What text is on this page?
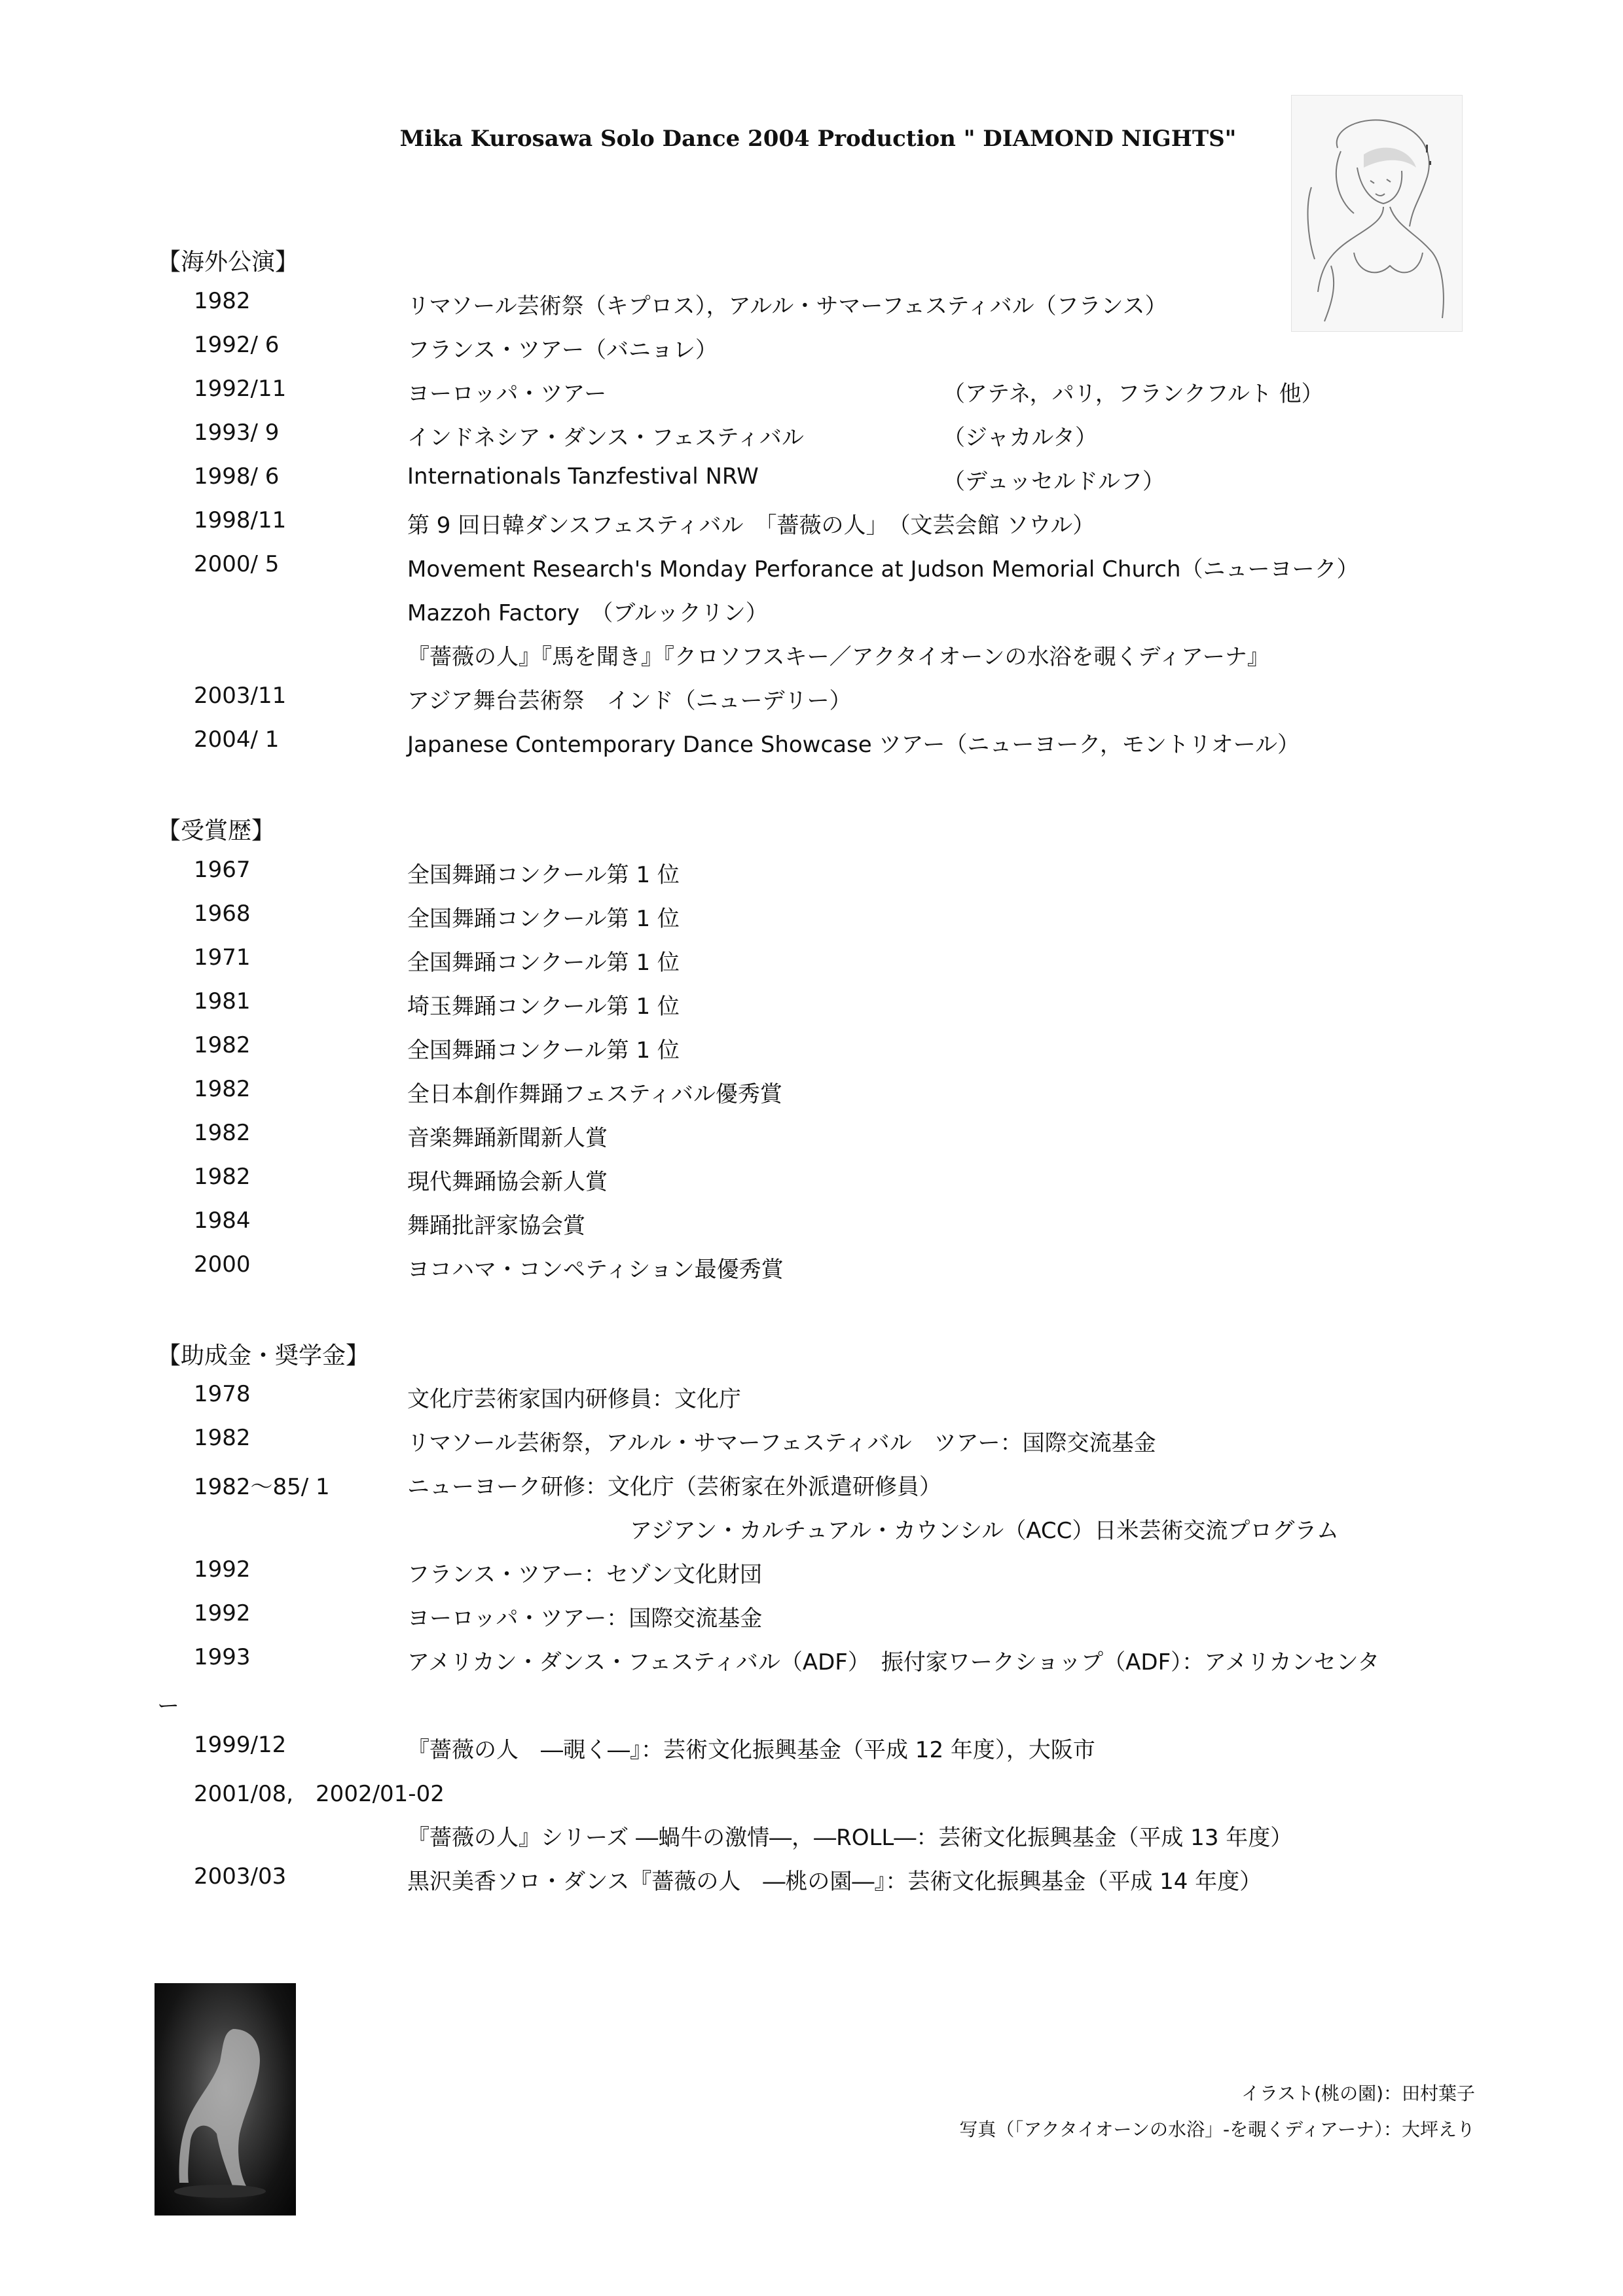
Mika Kurosawa Solo Dance 2004 Production " DIAMOND NIGHTS"
【海外公演】
1982	リマソール芸術祭（キプロス），アルル・サマーフェスティバル（フランス）
1992/ 6	フランス・ツアー（バニョレ）
1992/11	ヨーロッパ・ツアー	（アテネ，パリ，フランクフルト 他）
1993/ 9	インドネシア・ダンス・フェスティバル	（ジャカルタ）
1998/ 6	Internationals Tanzfestival NRW	（デュッセルドルフ）
1998/11	第 9 回日韓ダンスフェスティバル　「薔薇の人」　（文芸会館 ソウル）
2000/ 5	Movement Research's Monday Perforance at Judson Memorial Church（ニューヨーク）
Mazzoh Factory　（ブルックリン）
『薔薇の人』『馬を聞き』『クロソフスキー／アクタイオーンの水浴を覗くディアーナ』
2003/11	アジア舞台芸術祭　インド（ニューデリー）
2004/ 1	Japanese Contemporary Dance Showcase ツアー（ニューヨーク，モントリオール）
【受賞歴】
1967	全国舞踊コンクール第 1 位
1968	全国舞踊コンクール第 1 位
1971	全国舞踊コンクール第 1 位
1981	埼玉舞踊コンクール第 1 位
1982	全国舞踊コンクール第 1 位
1982	全日本創作舞踊フェスティバル優秀賞
1982	音楽舞踊新聞新人賞
1982	現代舞踊協会新人賞
1984	舞踊批評家協会賞
2000	ヨコハマ・コンペティション最優秀賞
【助成金・奨学金】
1978	文化庁芸術家国内研修員：文化庁
1982	リマソール芸術祭，アルル・サマーフェスティバル　ツアー：国際交流基金
1982〜85/ 1	ニューヨーク研修：文化庁（芸術家在外派遣研修員）
アジアン・カルチュアル・カウンシル（ACC）日米芸術交流プログラム
1992	フランス・ツアー：セゾン文化財団
1992	ヨーロッパ・ツアー：国際交流基金
1993	アメリカン・ダンス・フェスティバル（ADF）　振付家ワークショップ（ADF）：アメリカンセンタ
ー
1999/12	『薔薇の人　―覗く―』：芸術文化振興基金（平成 12 年度），大阪市
2001/08,　2002/01-02
『薔薇の人』シリーズ ―蝸牛の激情―，―ROLL―：芸術文化振興基金（平成 13 年度）
2003/03	黒沢美香ソロ・ダンス『薔薇の人　―桃の園―』：芸術文化振興基金（平成 14 年度）
イラスト(桃の園)：田村葉子
写真（「アクタイオーンの水浴」-を覗くディアーナ）：大坪えり
